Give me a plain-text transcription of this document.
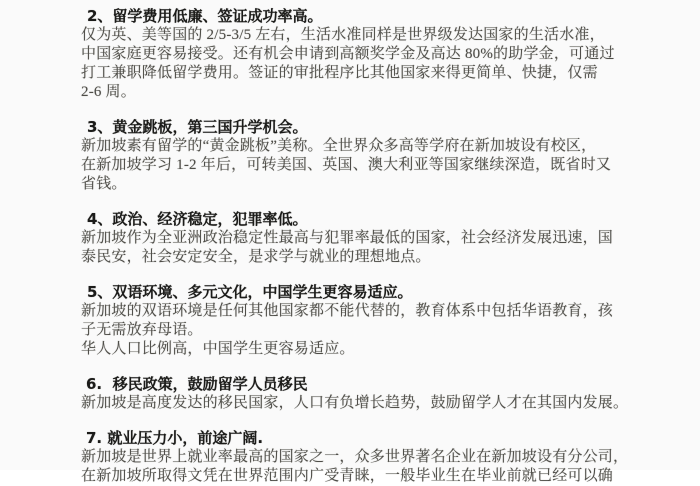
2、留学费用低廉、签证成功率高。
仅为英、美等国的 2/5-3/5 左右，生活水准同样是世界级发达国家的生活水准，
中国家庭更容易接受。还有机会申请到高额奖学金及高达 80%的助学金，可通过
打工兼职降低留学费用。签证的审批程序比其他国家来得更简单、快捷，仅需
2-6 周。
3、黄金跳板，第三国升学机会。
新加坡素有留学的“黄金跳板”美称。全世界众多高等学府在新加坡设有校区，
在新加坡学习 1-2 年后，可转美国、英国、澳大利亚等国家继续深造，既省时又
省钱。
4、政治、经济稳定，犯罪率低。
新加坡作为全亚洲政治稳定性最高与犯罪率最低的国家，社会经济发展迅速，国
泰民安，社会安定安全，是求学与就业的理想地点。
5、双语环境、多元文化，中国学生更容易适应。
新加坡的双语环境是任何其他国家都不能代替的，教育体系中包括华语教育，孩
子无需放弃母语。
华人人口比例高，中国学生更容易适应。
6.  移民政策，鼓励留学人员移民
新加坡是高度发达的移民国家，人口有负增长趋势，鼓励留学人才在其国内发展。
7. 就业压力小，前途广阔.
新加坡是世界上就业率最高的国家之一，众多世界著名企业在新加坡设有分公司，
在新加坡所取得文凭在世界范围内广受青睐，一般毕业生在毕业前就已经可以确
